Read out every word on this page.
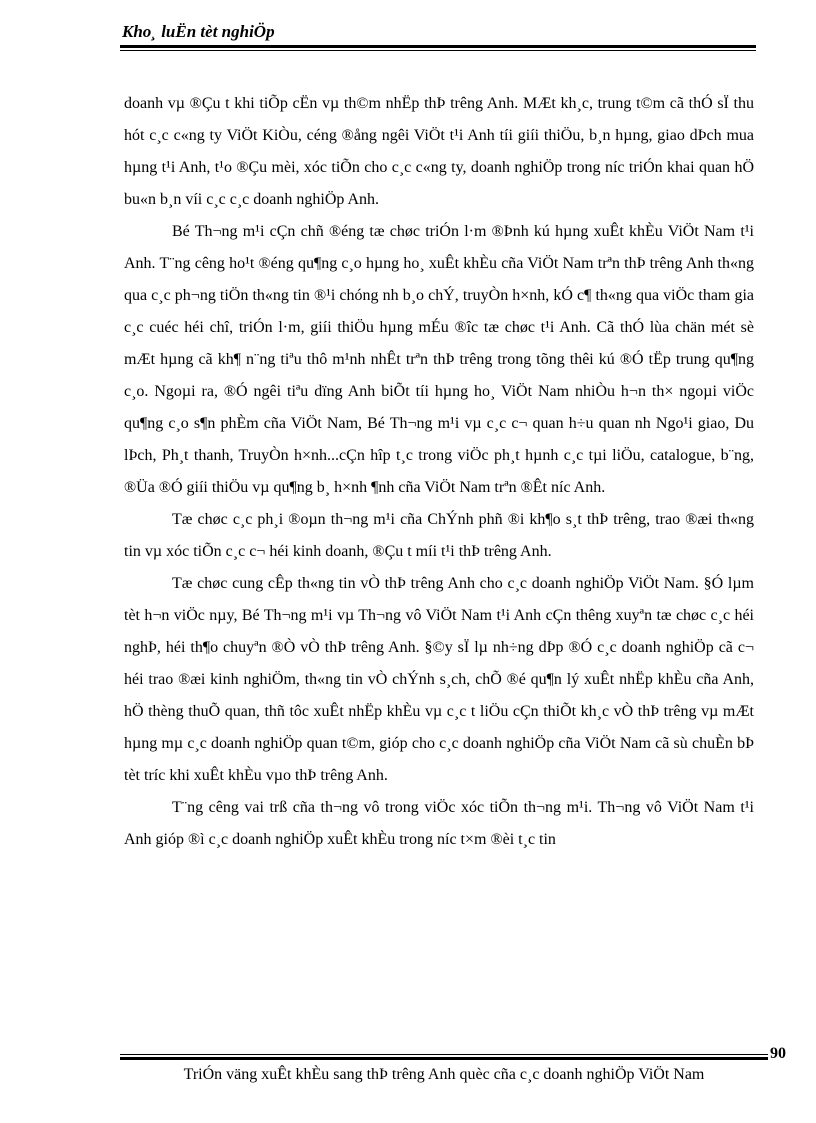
Kho¸ luËn tèt nghiÖp

doanh vµ ®Çu t khi tiÕp cËn vµ th©m nhËp thÞ trêng Anh. MÆt kh¸c, trung t©m cã thÓ sÏ thu hót c¸c c«ng ty ViÖt KiÒu, céng ®ång ngêi ViÖt t¹i Anh tíi giíi thiÖu, b¸n hµng, giao dÞch mua hµng t¹i Anh, t¹o ®Çu mèi, xóc tiÕn cho c¸c c«ng ty, doanh nghiÖp trong níc triÓn khai quan hÖ bu«n b¸n víi c¸c c¸c doanh nghiÖp Anh.

Bé Th¬ng m¹i cÇn chñ ®éng tæ chøc triÓn l·m ®Þnh kú hµng xuÊt khÈu ViÖt Nam t¹i Anh. T¨ng cêng ho¹t ®éng qu¶ng c¸o hµng ho¸ xuÊt khÈu cña ViÖt Nam trªn thÞ trêng Anh th«ng qua c¸c ph¬ng tiÖn th«ng tin ®¹i chóng nh b¸o chÝ, truyÒn h×nh, kÓ c¶ th«ng qua viÖc tham gia c¸c cuéc héi chî, triÓn l·m, giíi thiÖu hµng mÉu ®îc tæ chøc t¹i Anh. Cã thÓ lùa chän mét sè mÆt hµng cã kh¶ n¨ng tiªu thô m¹nh nhÊt trªn thÞ trêng trong tõng thêi kú ®Ó tËp trung qu¶ng c¸o. Ngoµi ra, ®Ó ngêi tiªu dïng Anh biÕt tíi hµng ho¸ ViÖt Nam nhiÒu h¬n th× ngoµi viÖc qu¶ng c¸o s¶n phÈm cña ViÖt Nam, Bé Th¬ng m¹i vµ c¸c c¬ quan h÷u quan nh Ngo¹i giao, Du lÞch, Ph¸t thanh, TruyÒn h×nh...cÇn hîp t¸c trong viÖc ph¸t hµnh c¸c tµi liÖu, catalogue, b¨ng, ®Üa ®Ó giíi thiÖu vµ qu¶ng b¸ h×nh ¶nh cña ViÖt Nam trªn ®Êt níc Anh.

Tæ chøc c¸c ph¸i ®oµn th¬ng m¹i cña ChÝnh phñ ®i kh¶o s¸t thÞ trêng, trao ®æi th«ng tin vµ xóc tiÕn c¸c c¬ héi kinh doanh, ®Çu t míi t¹i thÞ trêng Anh.

Tæ chøc cung cÊp th«ng tin vÒ thÞ trêng Anh cho c¸c doanh nghiÖp ViÖt Nam. §Ó lµm tèt h¬n viÖc nµy, Bé Th¬ng m¹i vµ Th¬ng vô ViÖt Nam t¹i Anh cÇn thêng xuyªn tæ chøc c¸c héi nghÞ, héi th¶o chuyªn ®Ò vÒ thÞ trêng Anh. §©y sÏ lµ nh÷ng dÞp ®Ó c¸c doanh nghiÖp cã c¬ héi trao ®æi kinh nghiÖm, th«ng tin vÒ chÝnh s¸ch, chÕ ®é qu¶n lý xuÊt nhËp khÈu cña Anh, hÖ thèng thuÕ quan, thñ tôc xuÊt nhËp khÈu vµ c¸c t liÖu cÇn thiÕt kh¸c vÒ thÞ trêng vµ mÆt hµng mµ c¸c doanh nghiÖp quan t©m, gióp cho c¸c doanh nghiÖp cña ViÖt Nam cã sù chuÈn bÞ tèt tríc khi xuÊt khÈu vµo thÞ trêng Anh.

T¨ng cêng vai trß cña th¬ng vô trong viÖc xóc tiÕn th¬ng m¹i. Th¬ng vô ViÖt Nam t¹i Anh gióp ®ì c¸c doanh nghiÖp xuÊt khÈu trong níc t×m ®èi t¸c tin

90
TriÓn väng xuÊt khÈu sang thÞ trêng Anh quèc cña c¸c doanh nghiÖp ViÖt Nam
